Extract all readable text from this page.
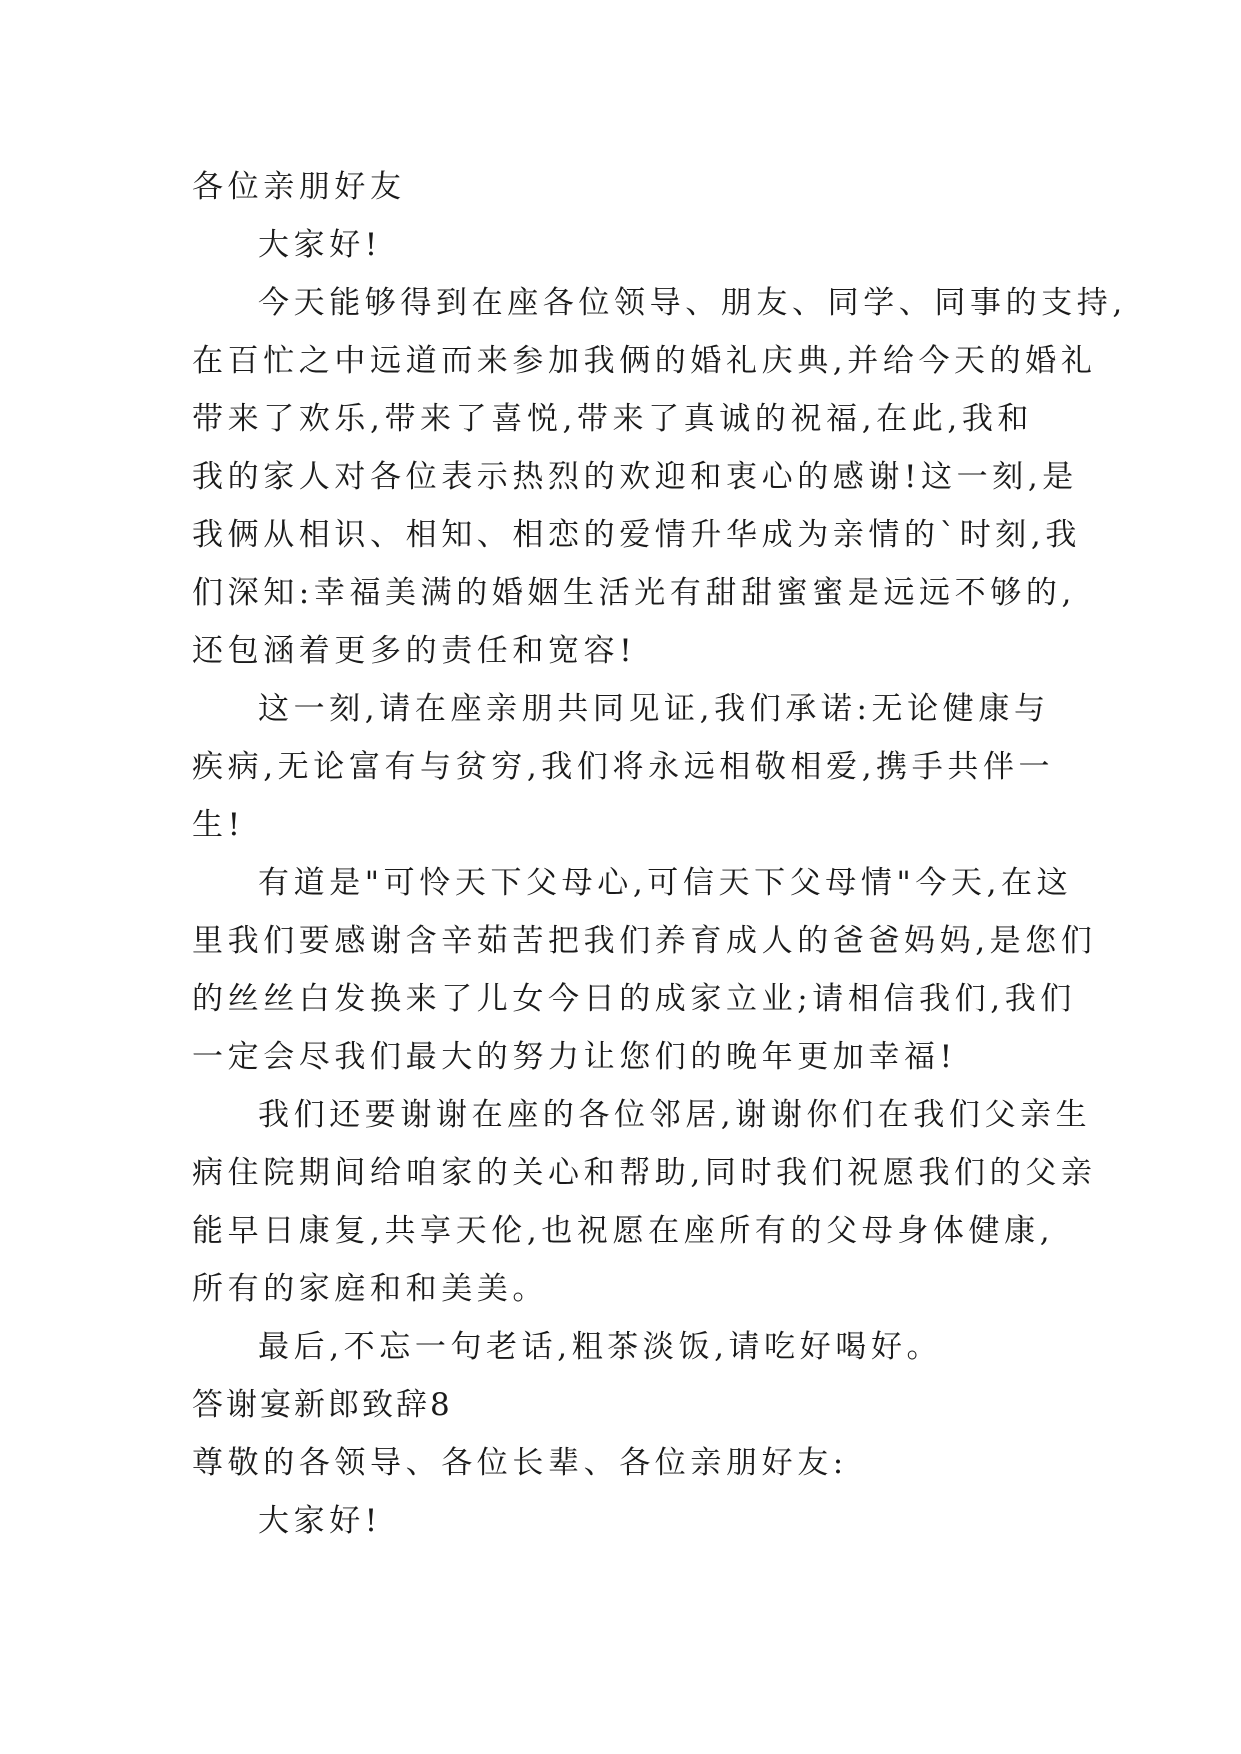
各位亲朋好友
大家好!
今天能够得到在座各位领导、朋友、同学、同事的支持,
在百忙之中远道而来参加我俩的婚礼庆典,并给今天的婚礼
带来了欢乐,带来了喜悦,带来了真诚的祝福,在此,我和
我的家人对各位表示热烈的欢迎和衷心的感谢!这一刻,是
我俩从相识、相知、相恋的爱情升华成为亲情的`时刻,我
们深知:幸福美满的婚姻生活光有甜甜蜜蜜是远远不够的,
还包涵着更多的责任和宽容!
这一刻,请在座亲朋共同见证,我们承诺:无论健康与
疾病,无论富有与贫穷,我们将永远相敬相爱,携手共伴一
生!
有道是"可怜天下父母心,可信天下父母情"今天,在这
里我们要感谢含辛茹苦把我们养育成人的爸爸妈妈,是您们
的丝丝白发换来了儿女今日的成家立业;请相信我们,我们
一定会尽我们最大的努力让您们的晚年更加幸福!
我们还要谢谢在座的各位邻居,谢谢你们在我们父亲生
病住院期间给咱家的关心和帮助,同时我们祝愿我们的父亲
能早日康复,共享天伦,也祝愿在座所有的父母身体健康,
所有的家庭和和美美。
最后,不忘一句老话,粗茶淡饭,请吃好喝好。
答谢宴新郎致辞8
尊敬的各领导、各位长辈、各位亲朋好友:
大家好!
